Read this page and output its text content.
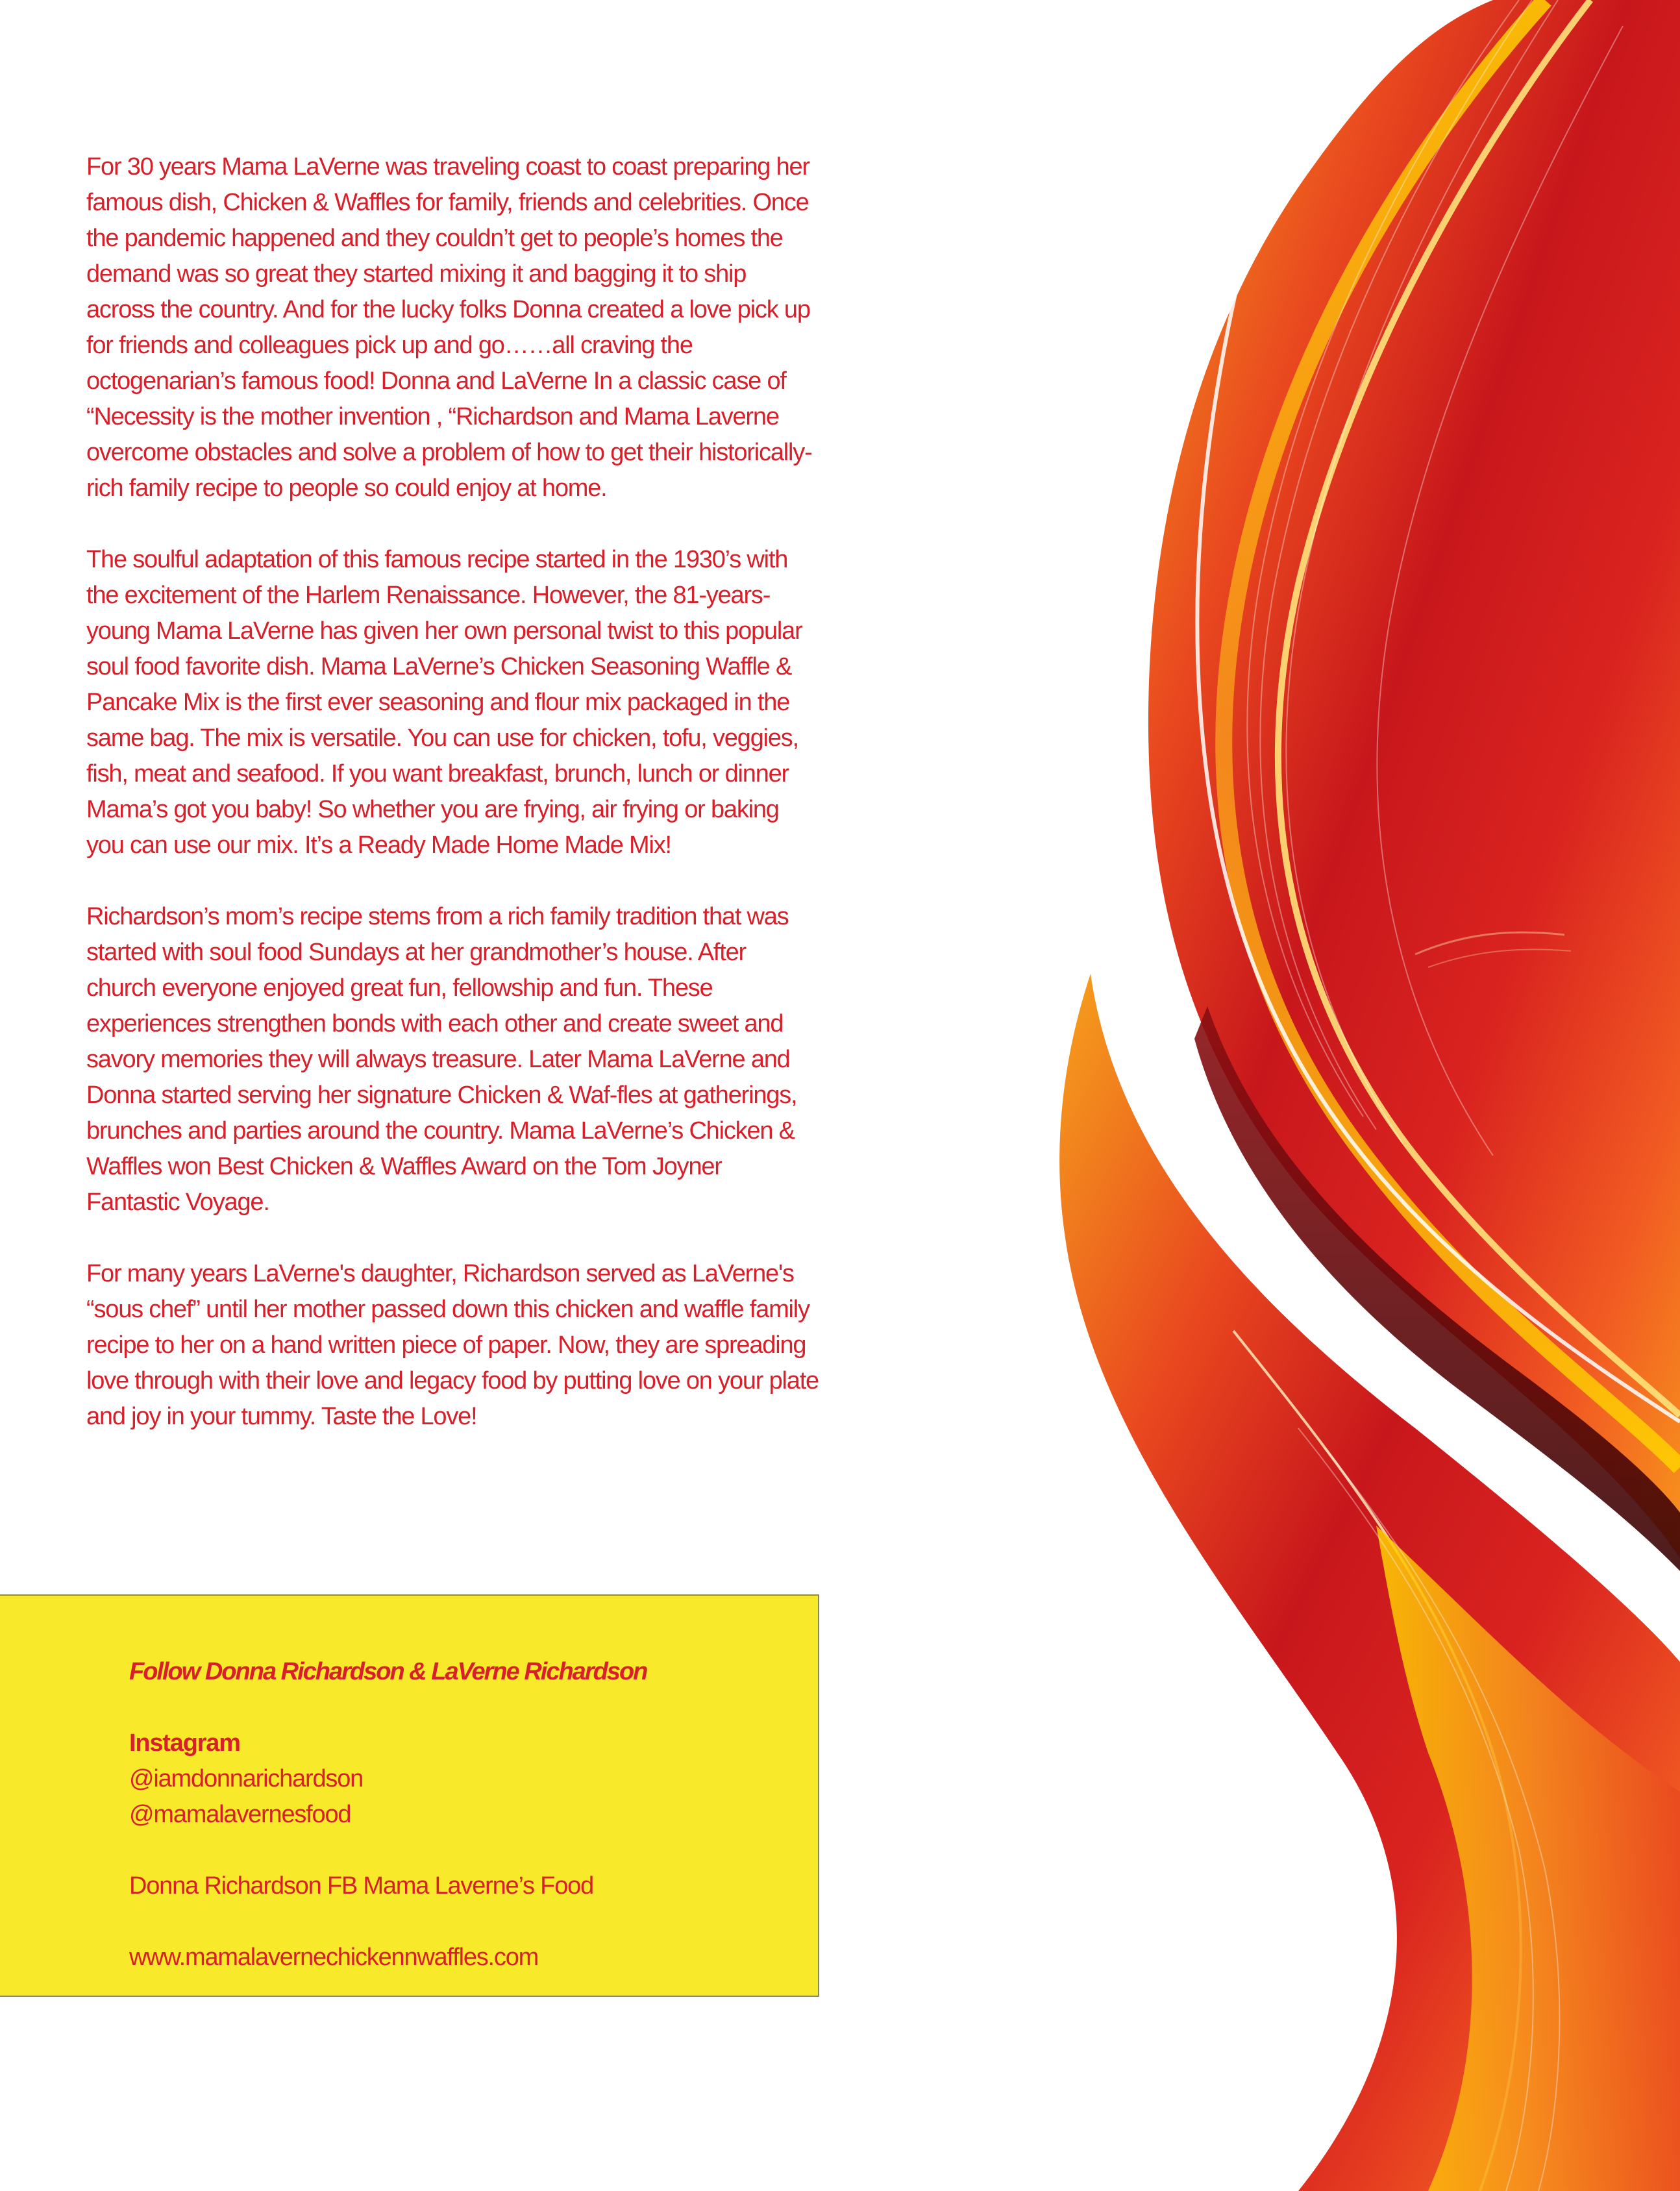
For 30 years Mama LaVerne was traveling coast to coast preparing her famous dish, Chicken & Waffles for family, friends and celebrities. Once the pandemic happened and they couldn’t get to people’s homes the demand was so great they started mixing it and bagging it to ship across the country. And for the lucky folks Donna created a love pick up for friends and colleagues pick up and go……all craving the octogenarian’s famous food! Donna and LaVerne In a classic case of “Necessity is the mother invention , “Richardson and Mama Laverne overcome obstacles and solve a problem of how to get their historically-rich family recipe to people so could enjoy at home.

The soulful adaptation of this famous recipe started in the 1930’s with the excitement of the Harlem Renaissance. However, the 81-years-young Mama LaVerne has given her own personal twist to this popular soul food favorite dish. Mama LaVerne’s Chicken Seasoning Waffle & Pancake Mix is the first ever seasoning and flour mix packaged in the same bag. The mix is versatile. You can use for chicken, tofu, veggies, fish, meat and seafood. If you want breakfast, brunch, lunch or dinner Mama’s got you baby! So whether you are frying, air frying or baking you can use our mix. It’s a Ready Made Home Made Mix!

Richardson’s mom’s recipe stems from a rich family tradition that was started with soul food Sundays at her grandmother’s house. After church everyone enjoyed great fun, fellowship and fun. These experiences strengthen bonds with each other and create sweet and savory memories they will always treasure. Later Mama LaVerne and Donna started serving her signature Chicken & Waf-fles at gatherings, brunches and parties around the country. Mama LaVerne’s Chicken & Waffles won Best Chicken & Waffles Award on the Tom Joyner Fantastic Voyage.

For many years LaVerne's daughter, Richardson served as LaVerne's “sous chef” until her mother passed down this chicken and waffle family recipe to her on a hand written piece of paper. Now, they are spreading love through with their love and legacy food by putting love on your plate and joy in your tummy. Taste the Love!

Follow Donna Richardson & LaVerne Richardson
Instagram
@iamdonnarichardson
@mamalavernesfood
Donna Richardson FB Mama Laverne’s Food
www.mamalavernechickennwaffles.com
